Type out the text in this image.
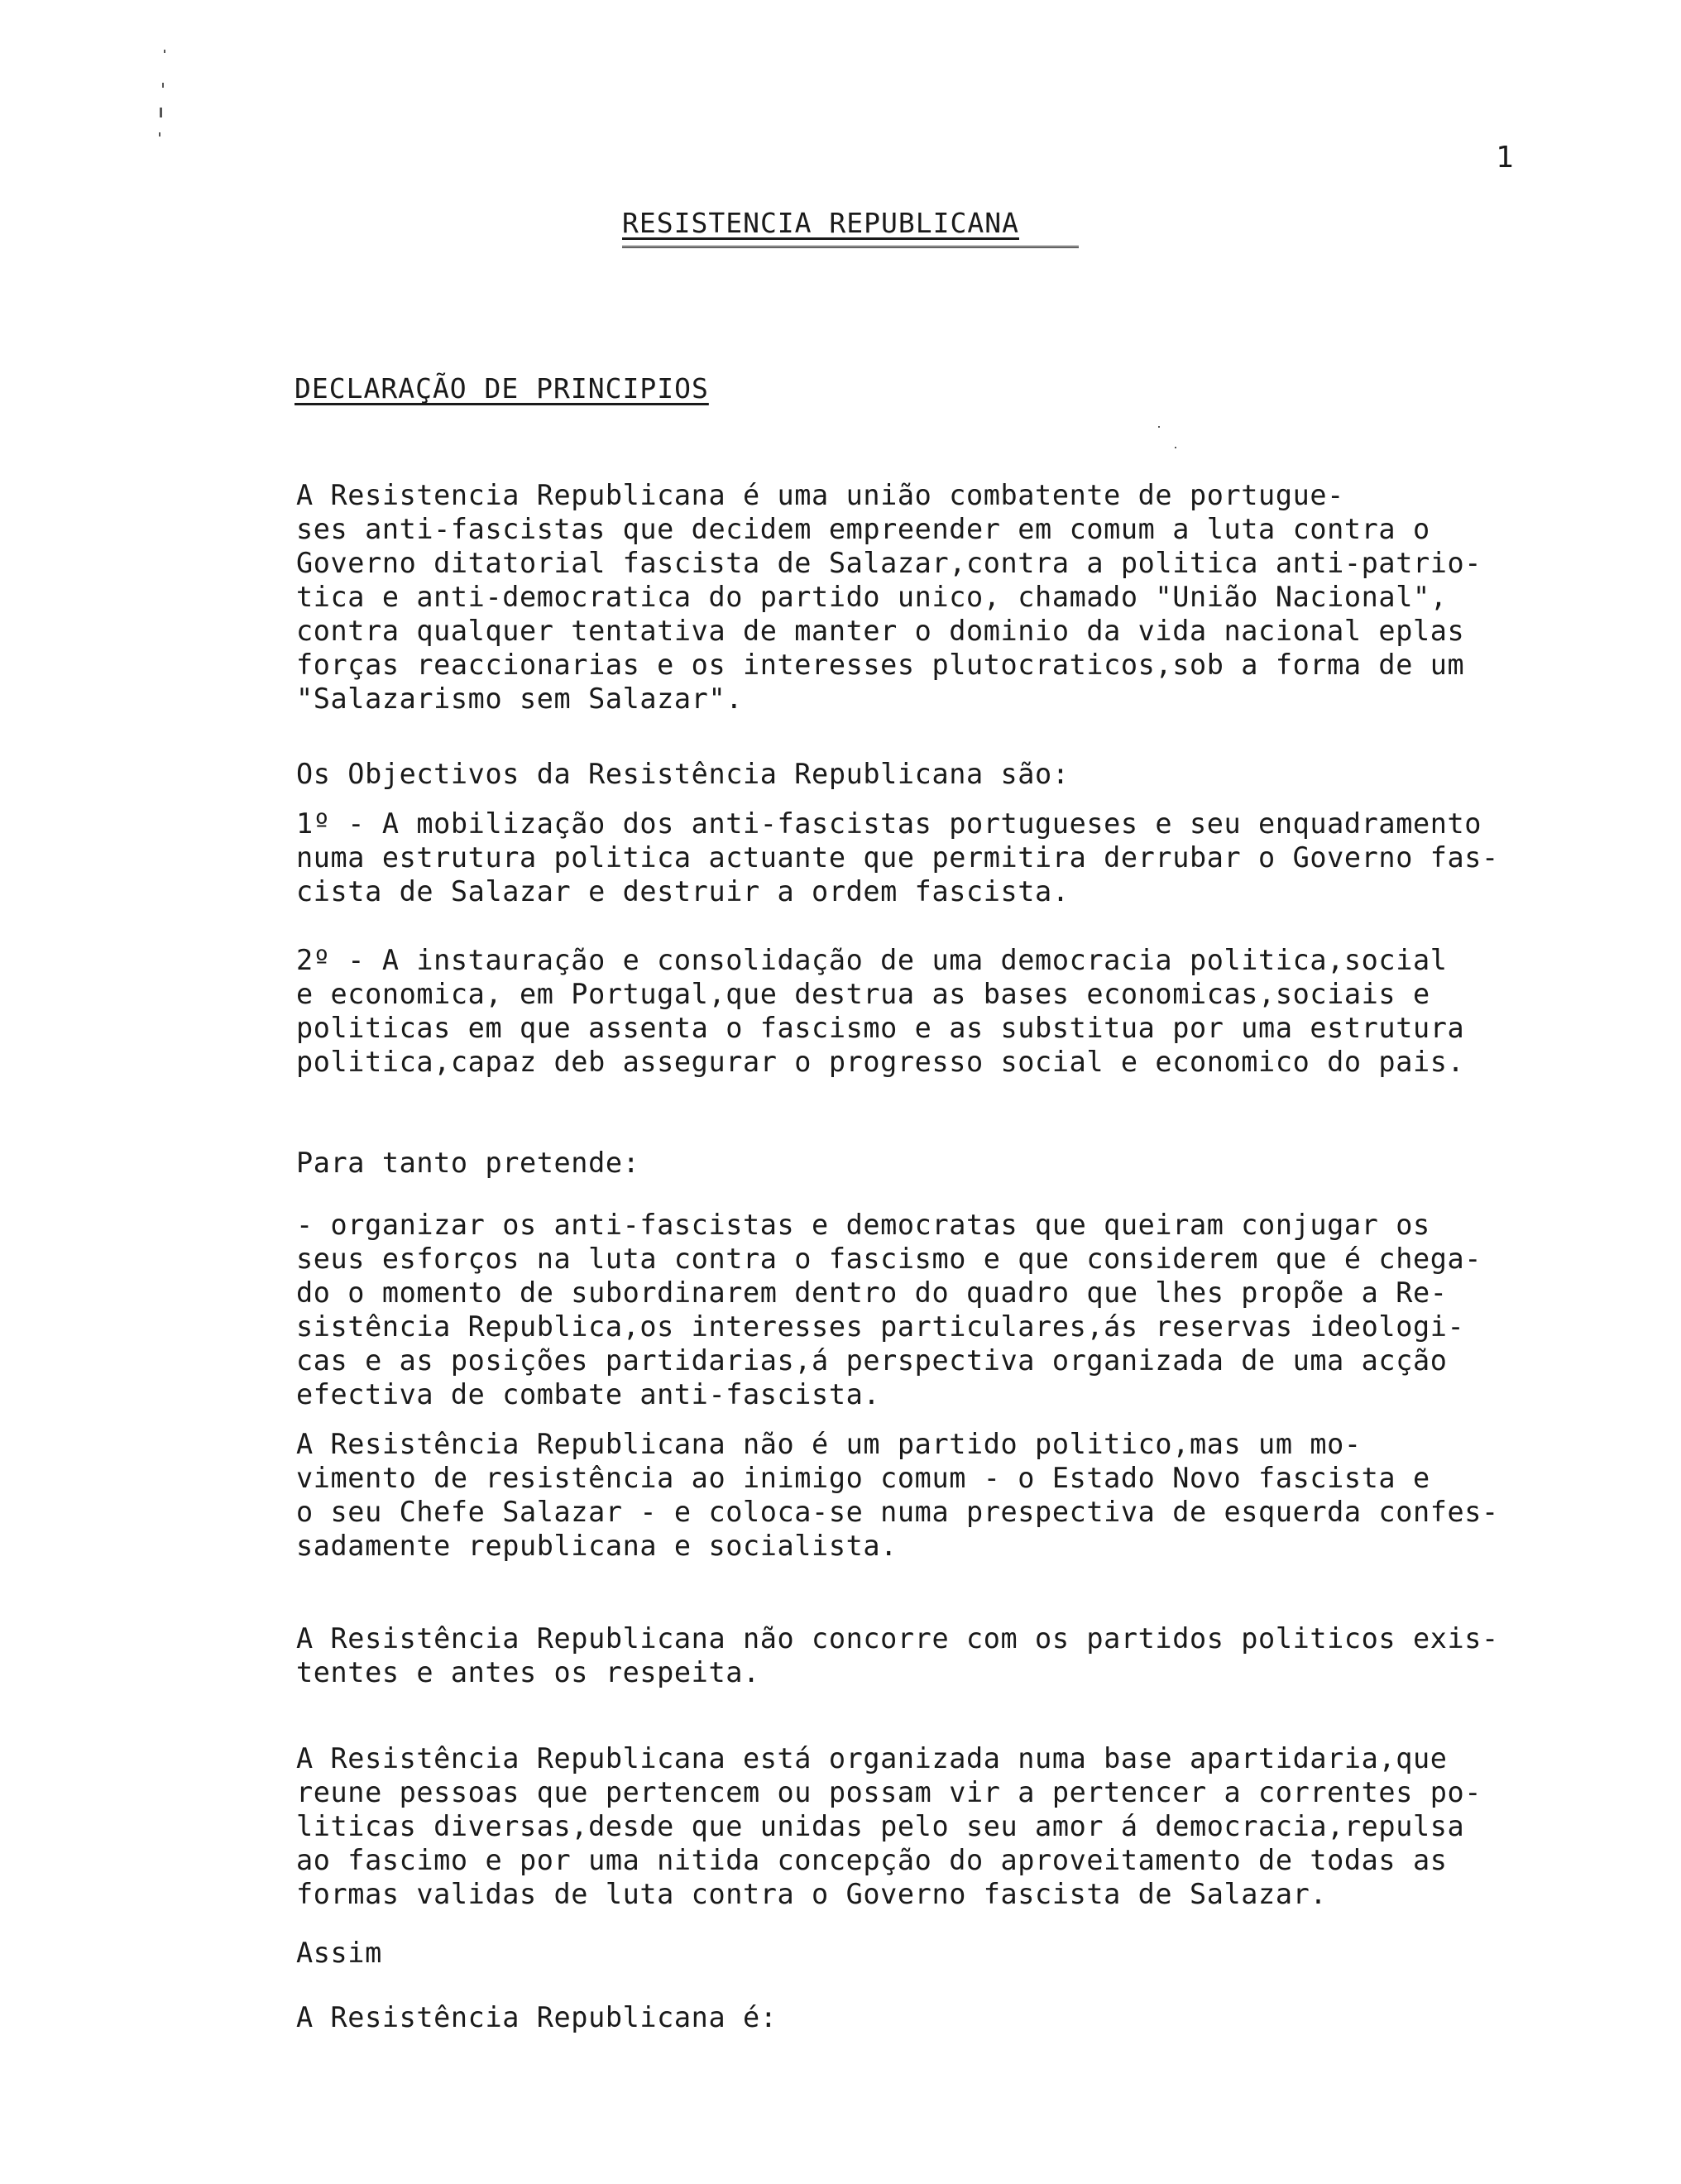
1
RESISTENCIA REPUBLICANA
DECLARAÇÃO DE PRINCIPIOS

A Resistencia Republicana é uma união combatente de portugue-
ses anti-fascistas que decidem empreender em comum a luta contra o
Governo ditatorial fascista de Salazar,contra a politica anti-patrio-
tica e anti-democratica do partido unico, chamado "União Nacional",
contra qualquer tentativa de manter o dominio da vida nacional eplas
forças reaccionarias e os interesses plutocraticos,sob a forma de um
"Salazarismo sem Salazar".

Os Objectivos da Resistência Republicana são:

1º - A mobilização dos anti-fascistas portugueses e seu enquadramento
numa estrutura politica actuante que permitira derrubar o Governo fas-
cista de Salazar e destruir a ordem fascista.

2º - A instauração e consolidação de uma democracia politica,social
e economica, em Portugal,que destrua as bases economicas,sociais e
politicas em que assenta o fascismo e as substitua por uma estrutura
politica,capaz deb assegurar o progresso social e economico do pais.

Para tanto pretende:

- organizar os anti-fascistas e democratas que queiram conjugar os
seus esforços na luta contra o fascismo e que considerem que é chega-
do o momento de subordinarem dentro do quadro que lhes propõe a Re-
sistência Republica,os interesses particulares,ás reservas ideologi-
cas e as posições partidarias,á perspectiva organizada de uma acção
efectiva de combate anti-fascista.

A Resistência Republicana não é um partido politico,mas um mo-
vimento de resistência ao inimigo comum - o Estado Novo fascista e
o seu Chefe Salazar - e coloca-se numa prespectiva de esquerda confes-
sadamente republicana e socialista.

A Resistência Republicana não concorre com os partidos politicos exis-
tentes e antes os respeita.

A Resistência Republicana está organizada numa base apartidaria,que
reune pessoas que pertencem ou possam vir a pertencer a correntes po-
liticas diversas,desde que unidas pelo seu amor á democracia,repulsa
ao fascimo e por uma nitida concepção do aproveitamento de todas as
formas validas de luta contra o Governo fascista de Salazar.

Assim

A Resistência Republicana é:
